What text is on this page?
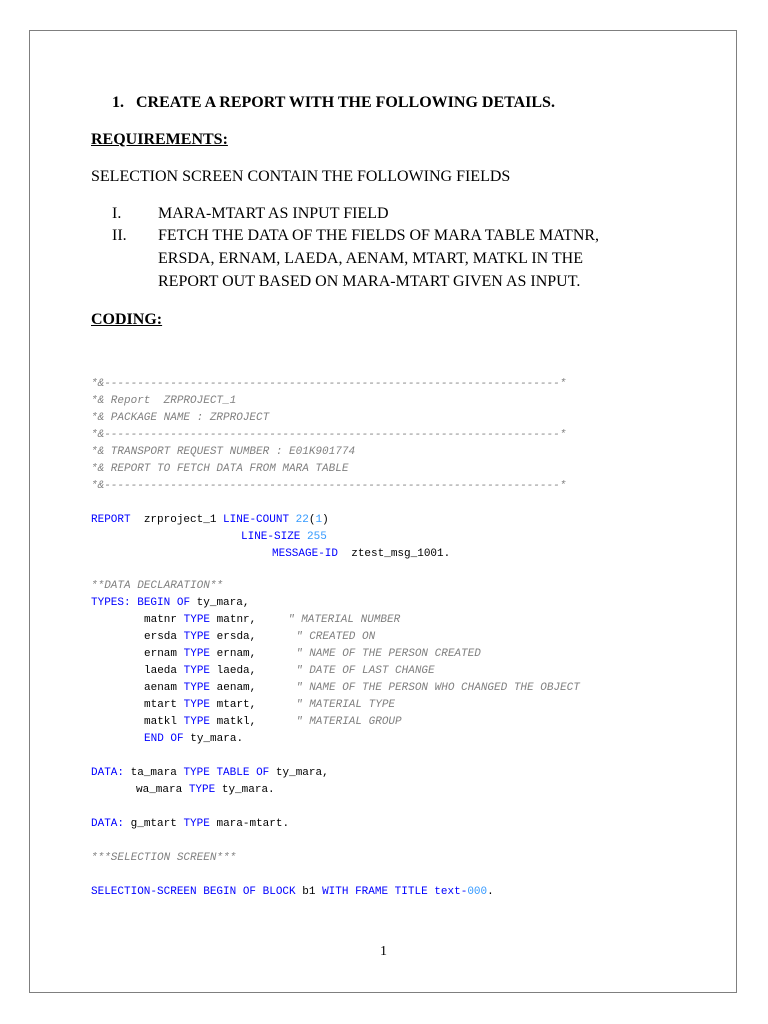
1. CREATE A REPORT WITH THE FOLLOWING DETAILS.
REQUIREMENTS:
SELECTION SCREEN CONTAIN THE FOLLOWING FIELDS
I. MARA-MTART AS INPUT FIELD
II. FETCH THE DATA OF THE FIELDS OF MARA TABLE MATNR,
ERSDA, ERNAM, LAEDA, AENAM, MTART, MATKL IN THE
REPORT OUT BASED ON MARA-MTART GIVEN AS INPUT.
CODING:
*&---------------------------------------------------------------------*
*& Report  ZRPROJECT_1
*& PACKAGE NAME : ZRPROJECT
*&---------------------------------------------------------------------*
*& TRANSPORT REQUEST NUMBER : E01K901774
*& REPORT TO FETCH DATA FROM MARA TABLE
*&---------------------------------------------------------------------*
REPORT zrproject_1 LINE-COUNT 22(1)
LINE-SIZE 255
MESSAGE-ID ztest_msg_1001.
**DATA DECLARATION**
TYPES: BEGIN OF ty_mara,
matnr TYPE matnr,	" MATERIAL NUMBER
ersda TYPE ersda,	" CREATED ON
ernam TYPE ernam,	" NAME OF THE PERSON CREATED
laeda TYPE laeda,	" DATE OF LAST CHANGE
aenam TYPE aenam,	" NAME OF THE PERSON WHO CHANGED THE OBJECT
mtart TYPE mtart,	" MATERIAL TYPE
matkl TYPE matkl,	" MATERIAL GROUP
END OF ty_mara.
DATA: ta_mara TYPE TABLE OF ty_mara,
wa_mara TYPE ty_mara.
DATA: g_mtart TYPE mara-mtart.
***SELECTION SCREEN***
SELECTION-SCREEN BEGIN OF BLOCK b1 WITH FRAME TITLE text-000.
1
